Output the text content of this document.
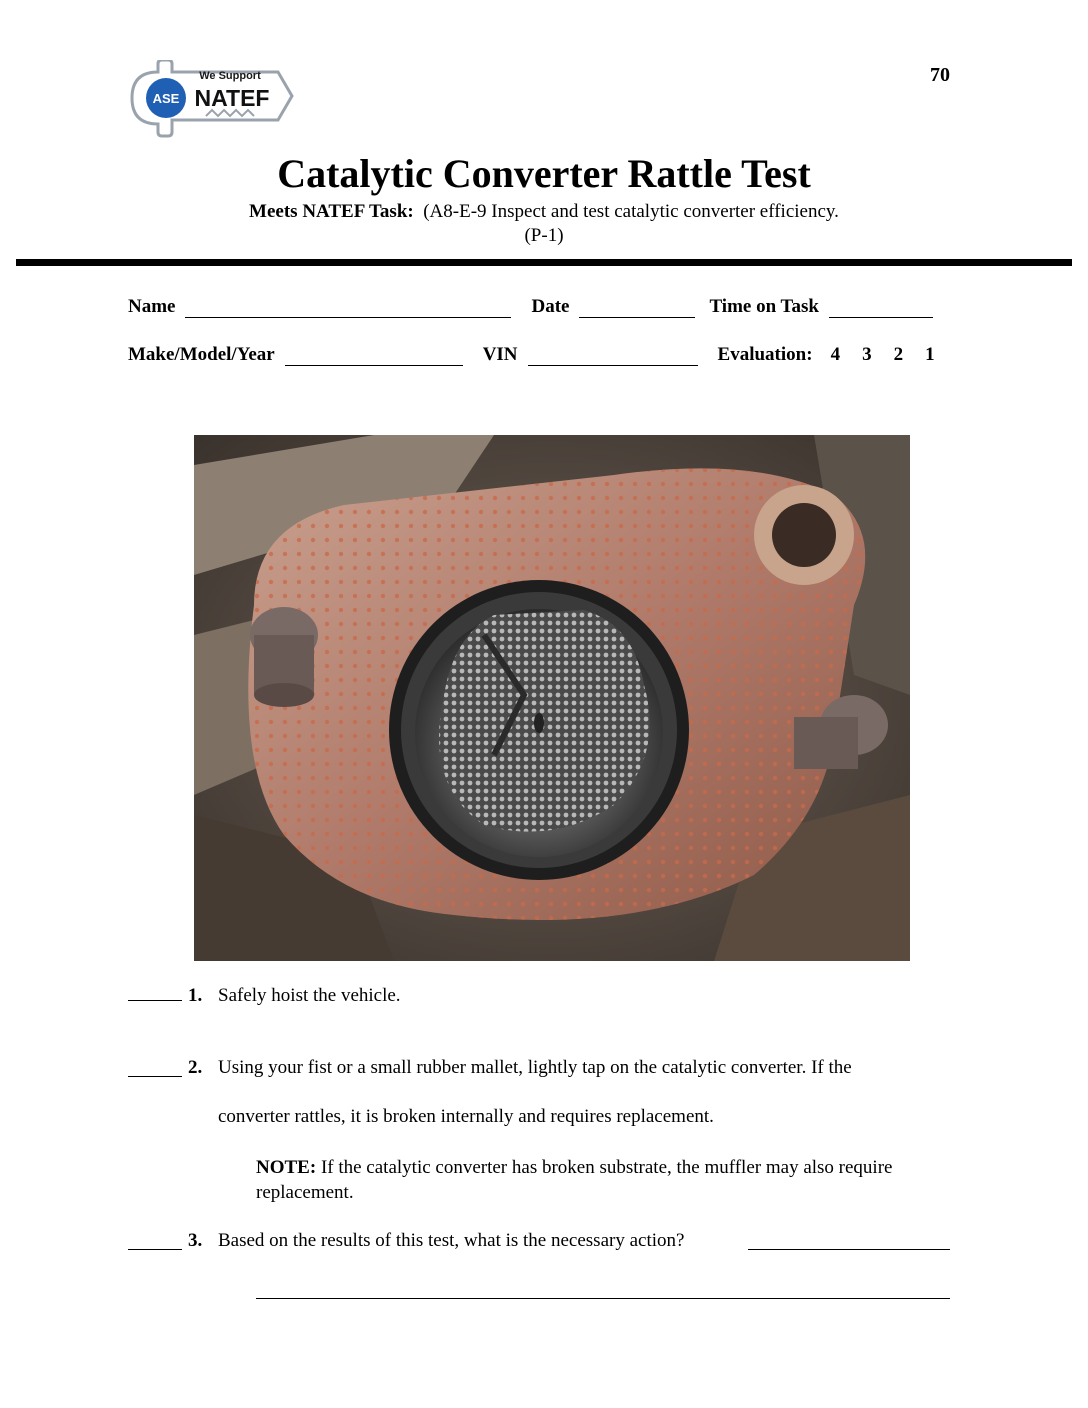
70
ASE
We Support
NATEF
Catalytic Converter Rattle Test
Meets NATEF Task: (A8-E-9 Inspect and test catalytic converter efficiency.
(P-1)
Name	Date	Time on Task
Make/Model/Year	VIN	Evaluation: 4 3 2 1
1. Safely hoist the vehicle.
2. Using your fist or a small rubber mallet, lightly tap on the catalytic converter. If the
converter rattles, it is broken internally and requires replacement.
NOTE: If the catalytic converter has broken substrate, the muffler may also require replacement.
3. Based on the results of this test, what is the necessary action?
